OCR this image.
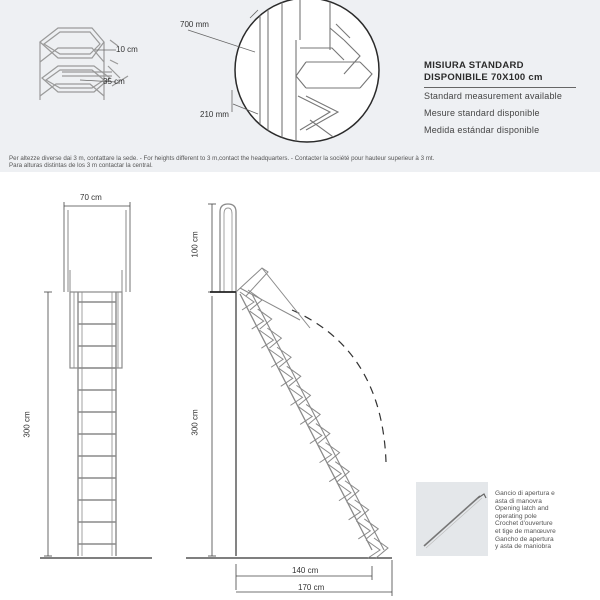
700 mm
210 mm
10 cm
35 cm
MISIURA STANDARD
DISPONIBILE 70X100 cm
Standard measurement available
Mesure standard disponible
Medida estándar disponible
Per altezze diverse dai 3 m, contattare la sede. - For heights different to 3 m,contact the headquarters. - Contacter la société pour hauteur superieur à 3 mt.
Para alturas distintas de los 3 m contactar la central.
70 cm
300 cm
100 cm
300 cm
140 cm
170 cm
Gancio di apertura e
asta di manovra
Opening latch and
operating pole
Crochet d'ouverture
et tige de manœuvre
Gancho de apertura
y asta de maniobra
